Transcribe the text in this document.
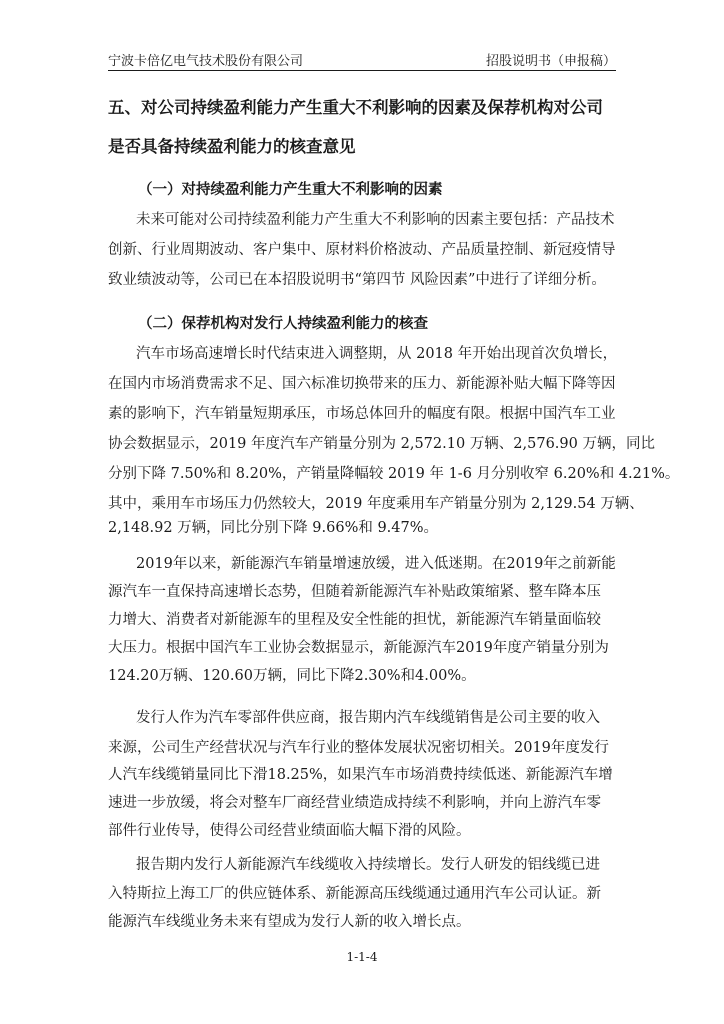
宁波卡倍亿电气技术股份有限公司	招股说明书（申报稿）
五、对公司持续盈利能力产生重大不利影响的因素及保荐机构对公司
是否具备持续盈利能力的核查意见
（一）对持续盈利能力产生重大不利影响的因素
未来可能对公司持续盈利能力产生重大不利影响的因素主要包括：产品技术
创新、行业周期波动、客户集中、原材料价格波动、产品质量控制、新冠疫情导
致业绩波动等，公司已在本招股说明书“第四节 风险因素”中进行了详细分析。
（二）保荐机构对发行人持续盈利能力的核查
汽车市场高速增长时代结束进入调整期，从 2018 年开始出现首次负增长，
在国内市场消费需求不足、国六标准切换带来的压力、新能源补贴大幅下降等因
素的影响下，汽车销量短期承压，市场总体回升的幅度有限。根据中国汽车工业
协会数据显示，2019 年度汽车产销量分别为 2,572.10 万辆、2,576.90 万辆，同比
分别下降 7.50%和 8.20%，产销量降幅较 2019 年 1-6 月分别收窄 6.20%和 4.21%。
其中，乘用车市场压力仍然较大，2019 年度乘用车产销量分别为 2,129.54 万辆、
2,148.92 万辆，同比分别下降 9.66%和 9.47%。
2019年以来，新能源汽车销量增速放缓，进入低迷期。在2019年之前新能
源汽车一直保持高速增长态势，但随着新能源汽车补贴政策缩紧、整车降本压
力增大、消费者对新能源车的里程及安全性能的担忧，新能源汽车销量面临较
大压力。根据中国汽车工业协会数据显示，新能源汽车2019年度产销量分别为
124.20万辆、120.60万辆，同比下降2.30%和4.00%。
发行人作为汽车零部件供应商，报告期内汽车线缆销售是公司主要的收入
来源，公司生产经营状况与汽车行业的整体发展状况密切相关。2019年度发行
人汽车线缆销量同比下滑18.25%，如果汽车市场消费持续低迷、新能源汽车增
速进一步放缓，将会对整车厂商经营业绩造成持续不利影响，并向上游汽车零
部件行业传导，使得公司经营业绩面临大幅下滑的风险。
报告期内发行人新能源汽车线缆收入持续增长。发行人研发的铝线缆已进
入特斯拉上海工厂的供应链体系、新能源高压线缆通过通用汽车公司认证。新
能源汽车线缆业务未来有望成为发行人新的收入增长点。
1-1-4
